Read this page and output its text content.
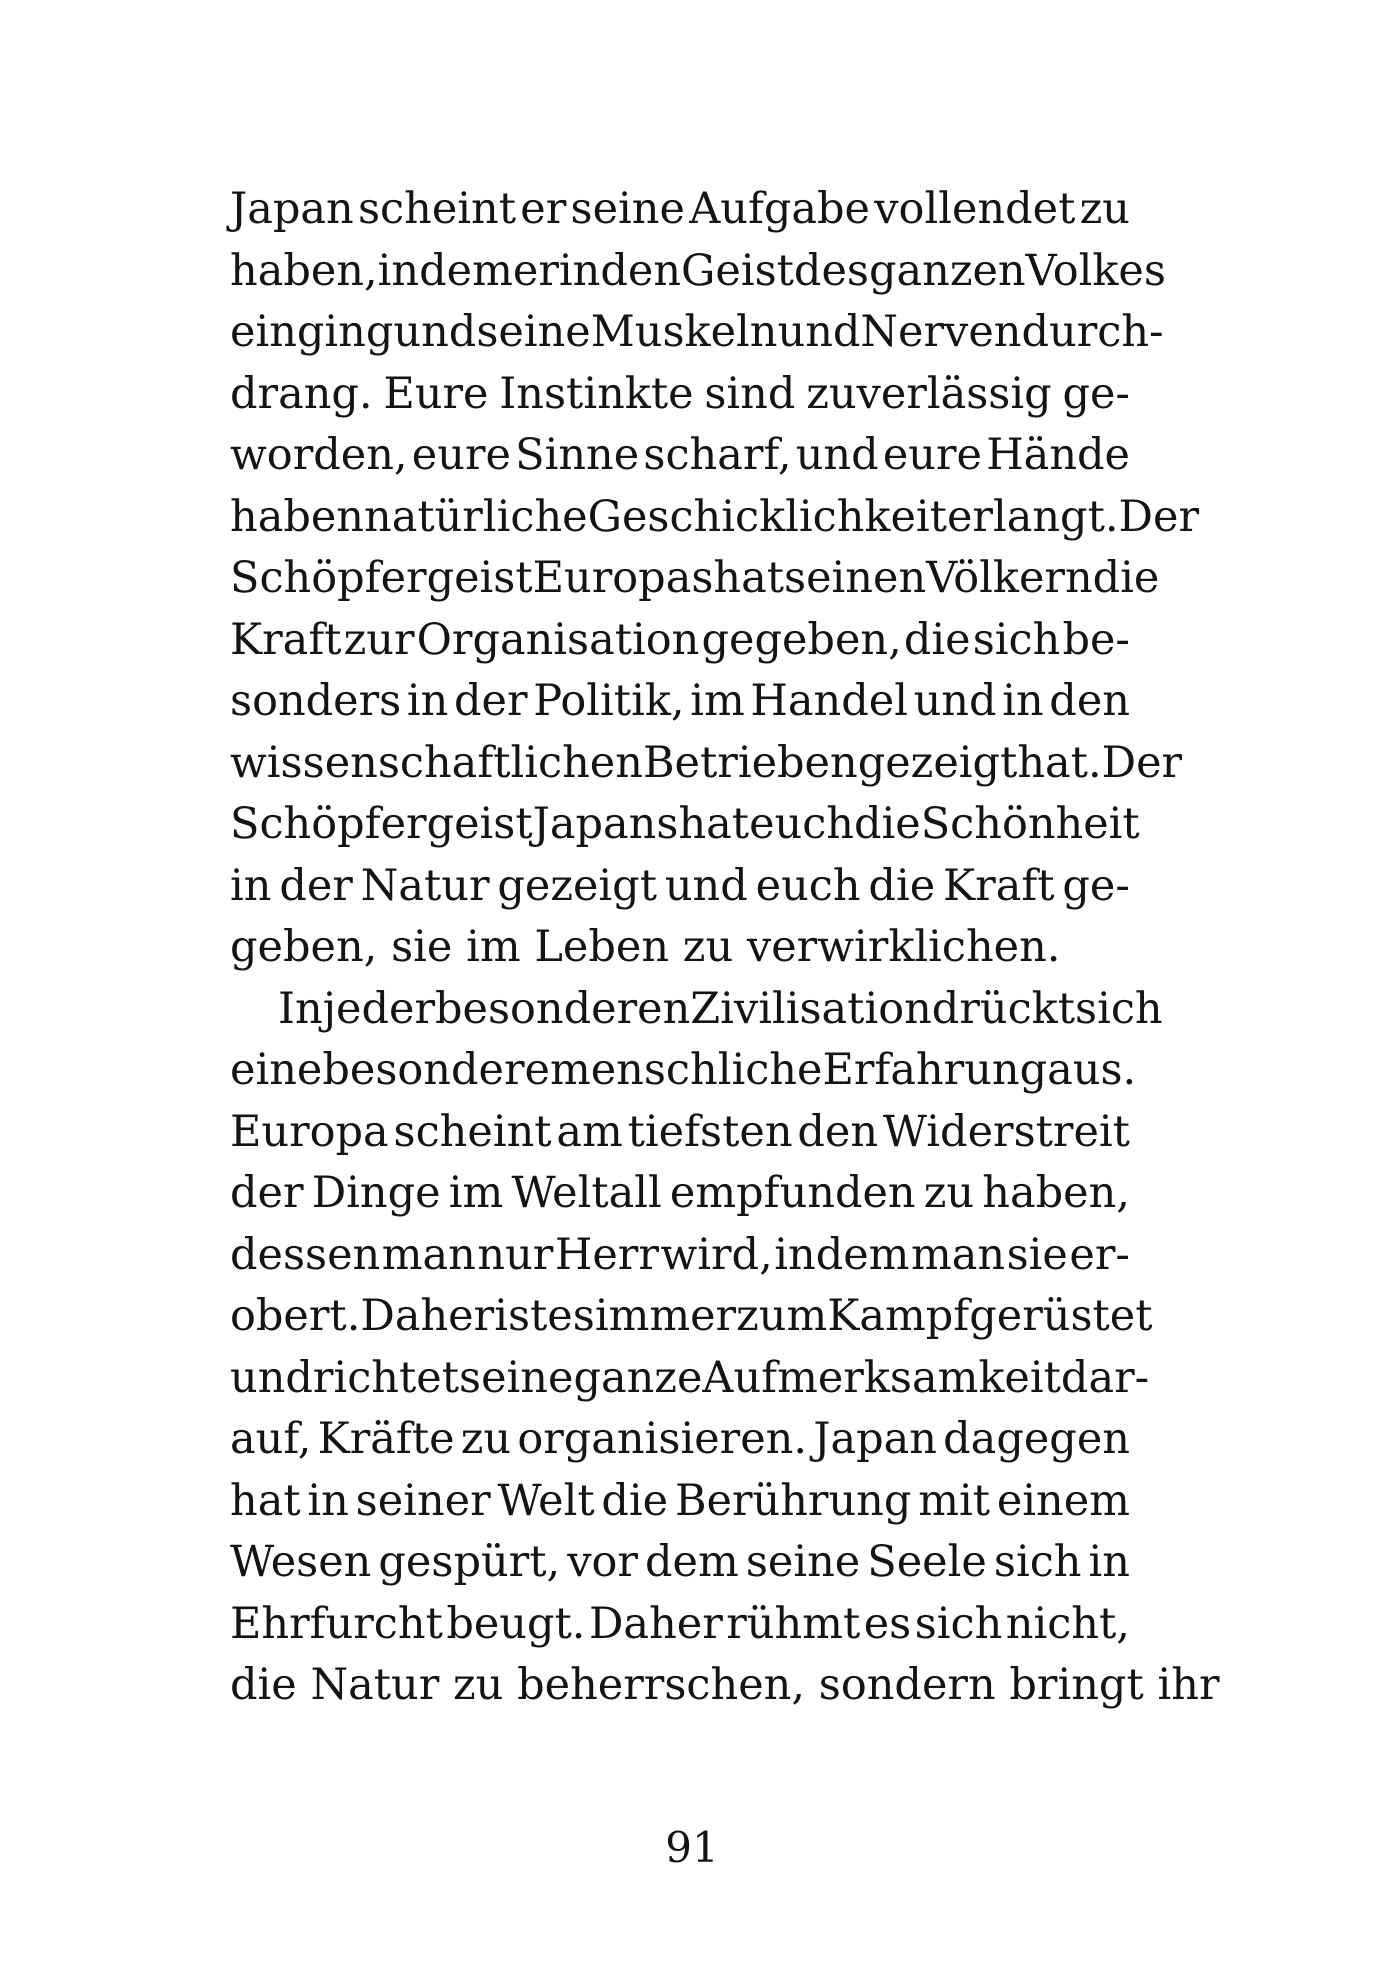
Japan scheint er seine Aufgabe vollendet zu
haben, indem er in den Geist des ganzen Volkes
einging und seine Muskeln und Nerven durch-
drang. Eure Instinkte sind zuverlässig ge-
worden, eure Sinne scharf, und eure Hände
haben natürliche Geschicklichkeit erlangt. Der
Schöpfergeist Europas hat seinen Völkern die
Kraft zur Organisation gegeben, die sich be-
sonders in der Politik, im Handel und in den
wissenschaftlichen Betrieben gezeigt hat. Der
Schöpfergeist Japans hat euch die Schönheit
in der Natur gezeigt und euch die Kraft ge-
geben, sie im Leben zu verwirklichen.
In jeder besonderen Zivilisation drückt sich
eine besondere menschliche Erfahrung aus.
Europa scheint am tiefsten den Widerstreit
der Dinge im Weltall empfunden zu haben,
dessen man nur Herr wird, indem man sie er-
obert. Daher ist es immer zum Kampf gerüstet
und richtet seine ganze Aufmerksamkeit dar-
auf, Kräfte zu organisieren. Japan dagegen
hat in seiner Welt die Berührung mit einem
Wesen gespürt, vor dem seine Seele sich in
Ehrfurcht beugt. Daher rühmt es sich nicht,
die Natur zu beherrschen, sondern bringt ihr
91
